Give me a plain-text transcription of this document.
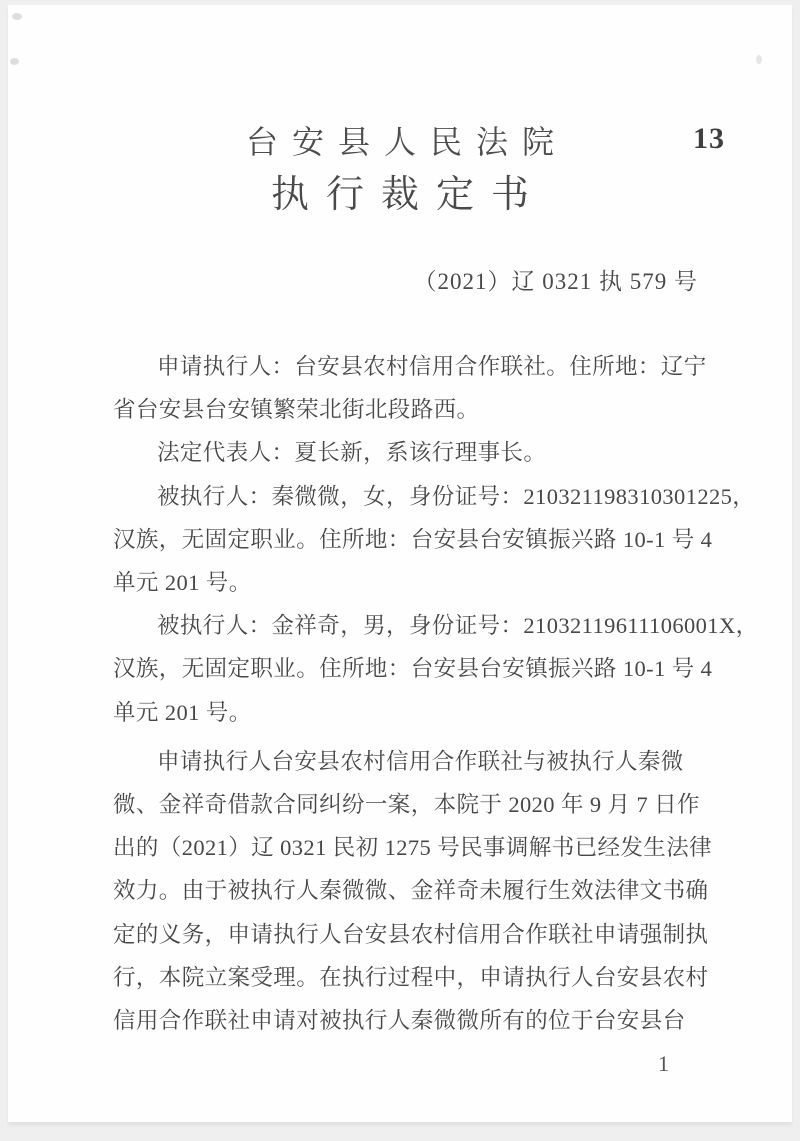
台安县人民法院	13
执行裁定书
（2021）辽 0321 执 579 号
申请执行人：台安县农村信用合作联社。住所地：辽宁
省台安县台安镇繁荣北街北段路西。
法定代表人：夏长新，系该行理事长。
被执行人：秦微微，女，身份证号：210321198310301225，
汉族，无固定职业。住所地：台安县台安镇振兴路 10-1 号 4
单元 201 号。
被执行人：金祥奇，男，身份证号：21032119611106001X，
汉族，无固定职业。住所地：台安县台安镇振兴路 10-1 号 4
单元 201 号。
申请执行人台安县农村信用合作联社与被执行人秦微
微、金祥奇借款合同纠纷一案，本院于 2020 年 9 月 7 日作
出的（2021）辽 0321 民初 1275 号民事调解书已经发生法律
效力。由于被执行人秦微微、金祥奇未履行生效法律文书确
定的义务，申请执行人台安县农村信用合作联社申请强制执
行，本院立案受理。在执行过程中，申请执行人台安县农村
信用合作联社申请对被执行人秦微微所有的位于台安县台
1
